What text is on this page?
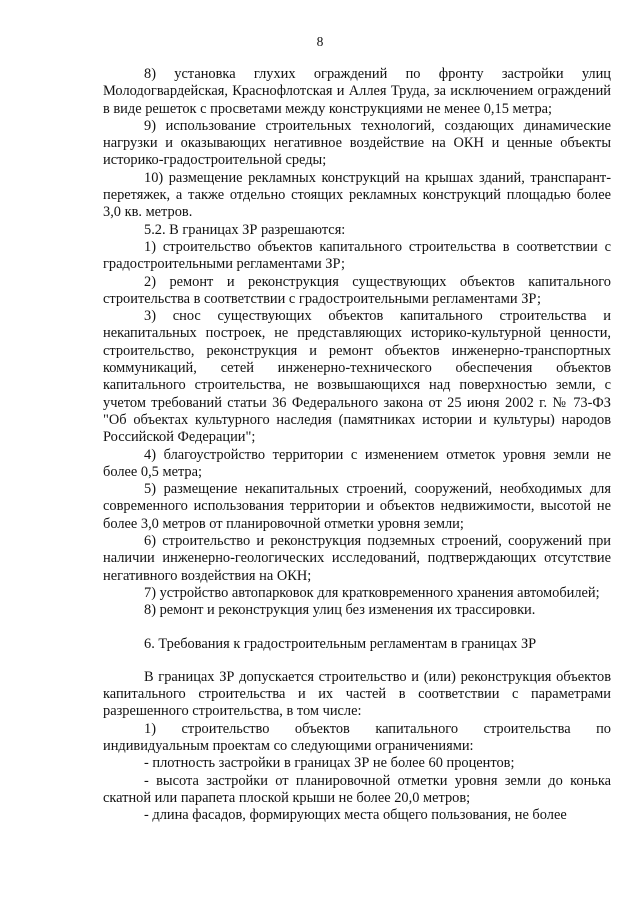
8

8) установка глухих ограждений по фронту застройки улиц Молодогвардейская, Краснофлотская и Аллея Труда, за исключением ограждений в виде решеток с просветами между конструкциями не менее 0,15 метра;

9) использование строительных технологий, создающих динамические нагрузки и оказывающих негативное воздействие на ОКН и ценные объекты историко-градостроительной среды;

10) размещение рекламных конструкций на крышах зданий, транспарант-перетяжек, а также отдельно стоящих рекламных конструкций площадью более 3,0 кв. метров.

5.2. В границах ЗР разрешаются:

1) строительство объектов капитального строительства в соответствии с градостроительными регламентами ЗР;

2) ремонт и реконструкция существующих объектов капитального строительства в соответствии с градостроительными регламентами ЗР;

3) снос существующих объектов капитального строительства и некапитальных построек, не представляющих историко-культурной ценности, строительство, реконструкция и ремонт объектов инженерно-транспортных коммуникаций, сетей инженерно-технического обеспечения объектов капитального строительства, не возвышающихся над поверхностью земли, с учетом требований статьи 36 Федерального закона от 25 июня 2002 г. № 73-ФЗ "Об объектах культурного наследия (памятниках истории и культуры) народов Российской Федерации";

4) благоустройство территории с изменением отметок уровня земли не более 0,5 метра;

5) размещение некапитальных строений, сооружений, необходимых для современного использования территории и объектов недвижимости, высотой не более 3,0 метров от планировочной отметки уровня земли;

6) строительство и реконструкция подземных строений, сооружений при наличии инженерно-геологических исследований, подтверждающих отсутствие негативного воздействия на ОКН;

7) устройство автопарковок для кратковременного хранения автомобилей;

8) ремонт и реконструкция улиц без изменения их трассировки.

6. Требования к градостроительным регламентам в границах ЗР

В границах ЗР допускается строительство и (или) реконструкция объектов капитального строительства и их частей в соответствии с параметрами разрешенного строительства, в том числе:

1) строительство объектов капитального строительства по индивидуальным проектам со следующими ограничениями:

- плотность застройки в границах ЗР не более 60 процентов;

- высота застройки от планировочной отметки уровня земли до конька скатной или парапета плоской крыши не более 20,0 метров;

- длина фасадов, формирующих места общего пользования, не более
